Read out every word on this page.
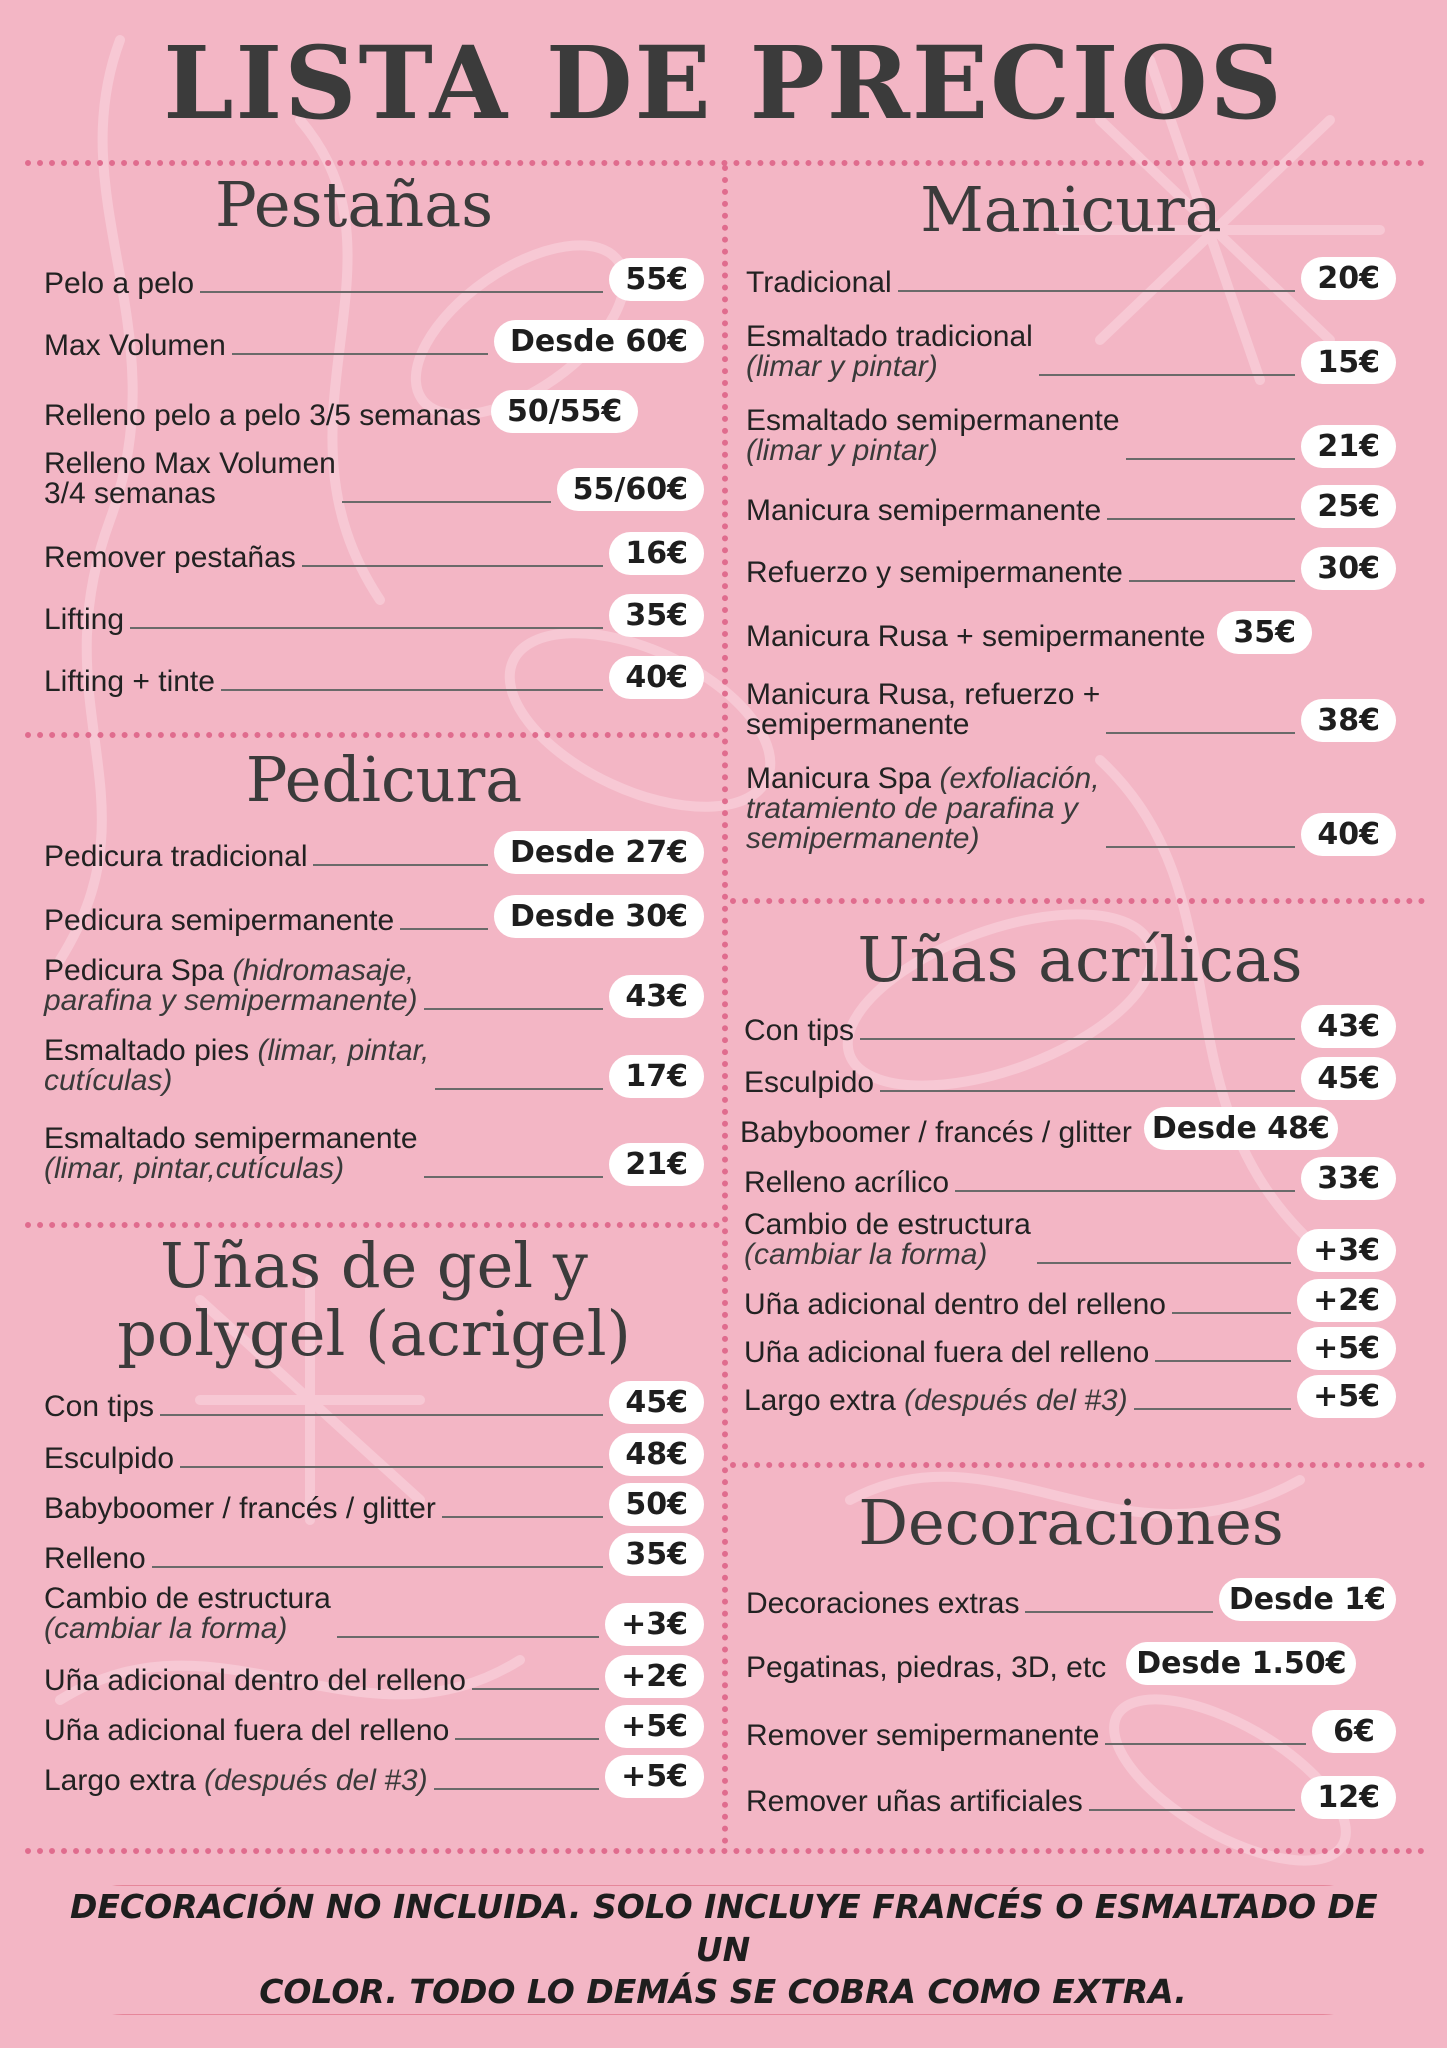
LISTA DE PRECIOS
Pestañas
Pelo a pelo	55€
Max Volumen	Desde 60€
Relleno pelo a pelo 3/5 semanas 50/55€
Relleno Max Volumen
3/4 semanas	55/60€
Remover pestañas	16€
Lifting	35€
Lifting + tinte	40€
Pedicura
Pedicura tradicional	Desde 27€
Pedicura semipermanente	Desde 30€
Pedicura Spa (hidromasaje,
parafina y semipermanente)	43€
Esmaltado pies (limar, pintar,
cutículas)	17€
Esmaltado semipermanente
(limar, pintar,cutículas)	21€
Uñas de gel y
polygel (acrigel)
Con tips	45€
Esculpido	48€
Babyboomer / francés / glitter	50€
Relleno	35€
Cambio de estructura
(cambiar la forma)	+3€
Uña adicional dentro del relleno	+2€
Uña adicional fuera del relleno	+5€
Largo extra (después del #3)	+5€
Manicura
Tradicional	20€
Esmaltado tradicional
(limar y pintar)	15€
Esmaltado semipermanente
(limar y pintar)	21€
Manicura semipermanente	25€
Refuerzo y semipermanente	30€
Manicura Rusa + semipermanente 35€
Manicura Rusa, refuerzo +
semipermanente	38€
Manicura Spa (exfoliación,
tratamiento de parafina y
semipermanente)	40€
Uñas acrílicas
Con tips	43€
Esculpido	45€
Babyboomer / francés / glitter Desde 48€
Relleno acrílico	33€
Cambio de estructura
(cambiar la forma)	+3€
Uña adicional dentro del relleno	+2€
Uña adicional fuera del relleno	+5€
Largo extra (después del #3)	+5€
Decoraciones
Decoraciones extras	Desde 1€
Pegatinas, piedras, 3D, etc	Desde 1.50€
Remover semipermanente	6€
Remover uñas artificiales	12€
DECORACIÓN NO INCLUIDA. SOLO INCLUYE FRANCÉS O ESMALTADO DE UN
COLOR. TODO LO DEMÁS SE COBRA COMO EXTRA.
